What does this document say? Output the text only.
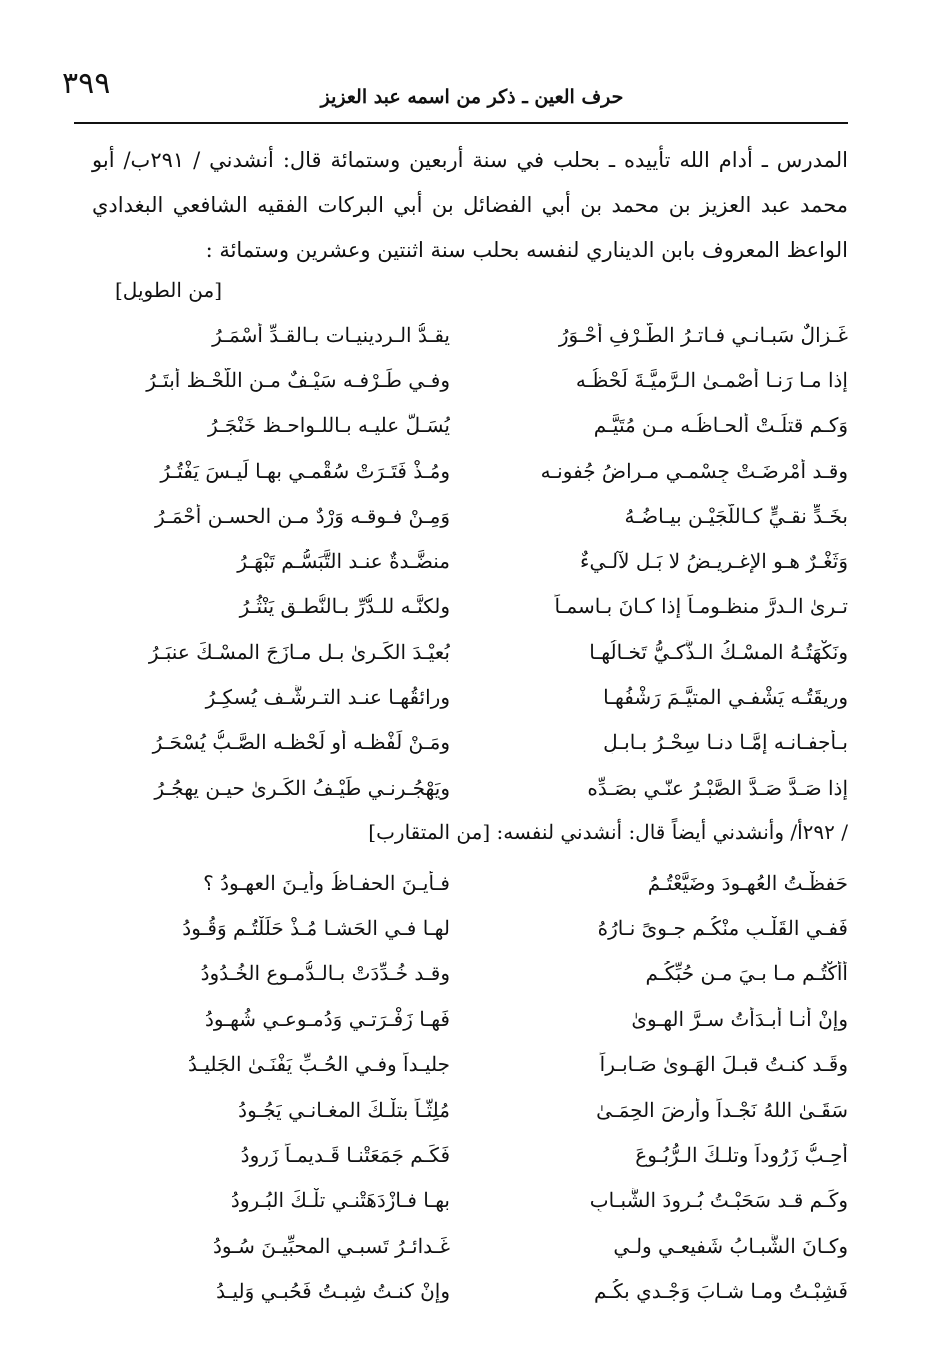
٣٩٩	حرف العين ـ ذكر من اسمه عبد العزيز
المدرس ـ أدام الله تأييده ـ بحلب في سنة أربعين وستمائة قال: أنشدني / ٢٩١ب/ أبو
محمد عبد العزيز بن محمد بن أبي الفضائل بن أبي البركات الفقيه الشافعي البغدادي
الواعظ المعروف بابن الديناري لنفسه بحلب سنة اثنتين وعشرين وستمائة :
[من الطويل]
غَـزالٌ سَبـانـي فـاتـرُ الطَّـرْفِ أحْـوَرُ
يقـدُّ الـردينيـات بـالقـدِّ أسْمَـرُ
إذا مـا رَنـا أصْمـىٰ الـرَّميَّـةَ لَحْظُـه
وفـي طَـرْفـه سَيْـفٌ مـن اللَّحْـظ أبتَـرُ
وَكـم قتلَـتْ ألحـاظُـه مـن مُتَيَّـمٍ
يُسَـلُّ عليـه بـاللـواحـظ خَنْجَـرُ
وقـد أمْرضَـتْ جِسْمـي مـراضُ جُفونـه
ومُـذْ فَتَـرَتْ سُقْمـي بهـا لَيـسَ يَفْتُـرُ
بخَـدٍّ نقـيٍّ كـاللُّجَيْـنِ بيـاضُـهُ
وَمِـنْ فـوقـه وَرْدٌ مـن الحسـن أحْمَـرُ
وَثَغْـرٌ هـو الإغـريـضُ لا بَـل لآلـيءٌ
منضَّـدةٌ عنـد التَّبَسُّـم تَبْهَـرُ
تـرىٰ الـدرَّ منظـومـاً إذا كـانَ بـاسمـاً
ولكنَّـه للـدُّرِّ بـالنُّطـقِ يَنْثُـرُ
ونَكْهَتُـهُ المسْـكُ الـذَّكـيُّ تَخـالُهـا
بُعيْـدَ الكَـرىٰ بـل مـازَجَ المسْـكَ عنبَـرُ
وريقَتُـه يَشْفـي المتيَّـمَ رَشْفُهـا
ورائقُهـا عنـد التـرشُّـف يُسكِـرُ
بـأجفـانـه إمَّـا دنـا سِحْـرُ بـابـلٍ
ومَـنْ لَفْظـه أو لَحْظـه الصَّـبُّ يُسْحَـرُ
إذا صَـدَّ صَـدَّ الصَّبْـرُ عنّـي بصَـدِّه
ويَهْجُـرنـي طَيْـفُ الكَـرىٰ حيـن يهجُـرُ
/ ٢٩٢أ/ وأنشدني أيضاً قال: أنشدني لنفسه: [من المتقارب]
حَفظْـتُ العُهـودَ وضَيَّعْتُـمُ
فـأيـنَ الحفـاظُ وأيـنَ العهـودُ ؟
فَفـي القَلْـبِ منْكُـم جـوىً نـارُهُ
لهـا فـي الحَشـا مُـذْ حَلَلْتُـم وَقُـودُ
أأكْتُـم مـا بـيَ مـن حُبِّكُـم
وقـد خُـدِّدَتْ بـالـدُّمـوع الخُـدُودُ
وإنْ أنـا أبـدَأْتُ سـرَّ الهـوىٰ
فَهـا زَفْـرَتـي وَدُمـوعـي شُهـودُ
وقَـد كنـتُ قبـلَ الهَـوىٰ صَـابـراً
جليـداً وفـي الحُـبِّ يَفْنَـىٰ الجَليـدُ
سَقَـىٰ اللهُ نَجْـداً وأرضَ الحِمَـىٰ
مُلِثّـاً بتلْـكَ المغـانـي يَجُـودُ
أُحِـبُّ زَرُوداً وتلـكَ الـرُّبُـوعَ
فَكَـم جَمَعَتْنـا قَـديمـاً زَرودُ
وكَـم قـد سَحَبْـتُ بُـرودَ الشَّبـابِ
بهـا فـازْدَهَتْنـي تلْـكَ البُـرودُ
وكـانَ الشَّبـابُ شَفيعـي ولـي
غَـدائـرُ تَسبـي المحبِّيـنَ سُـودُ
فَشِبْـتُ ومـا شـابَ وَجْـدي بكُـم
وإنْ كنـتُ شِبـتُ فَحُبـي وَليـدُ
